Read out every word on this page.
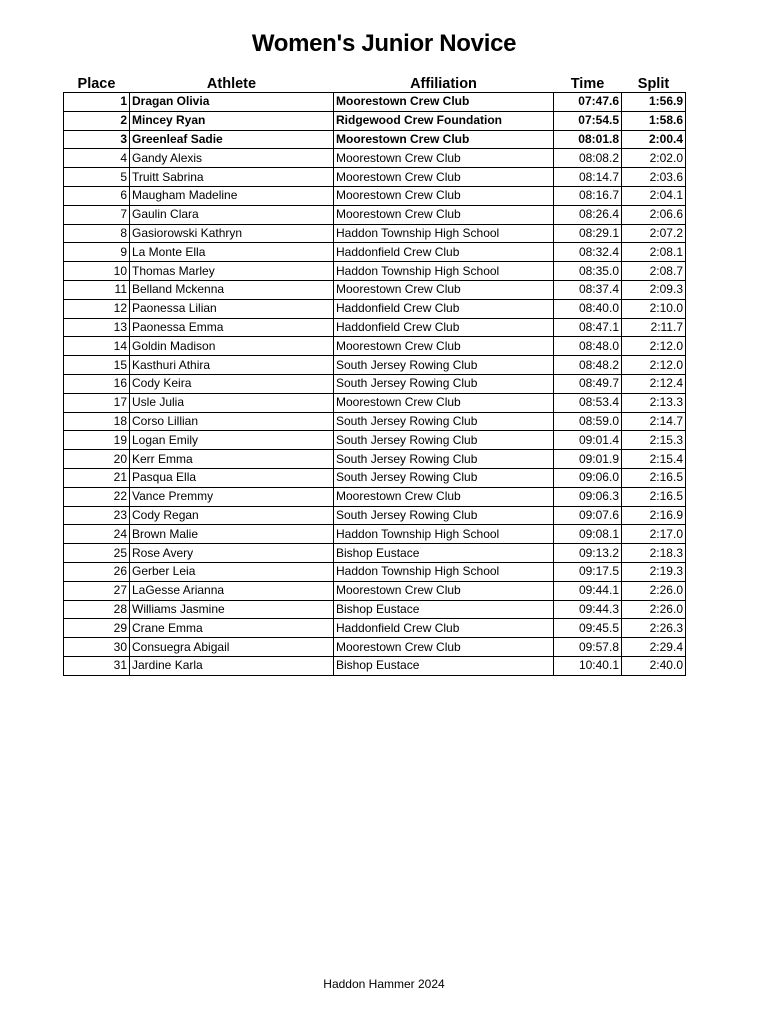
Women's Junior Novice
Place	Athlete	Affiliation	Time	Split
1	Dragan Olivia	Moorestown Crew Club	07:47.6	1:56.9
2	Mincey Ryan	Ridgewood Crew Foundation	07:54.5	1:58.6
3	Greenleaf Sadie	Moorestown Crew Club	08:01.8	2:00.4
4	Gandy Alexis	Moorestown Crew Club	08:08.2	2:02.0
5	Truitt Sabrina	Moorestown Crew Club	08:14.7	2:03.6
6	Maugham Madeline	Moorestown Crew Club	08:16.7	2:04.1
7	Gaulin Clara	Moorestown Crew Club	08:26.4	2:06.6
8	Gasiorowski Kathryn	Haddon Township High School	08:29.1	2:07.2
9	La Monte Ella	Haddonfield Crew Club	08:32.4	2:08.1
10	Thomas Marley	Haddon Township High School	08:35.0	2:08.7
11	Belland Mckenna	Moorestown Crew Club	08:37.4	2:09.3
12	Paonessa Lilian	Haddonfield Crew Club	08:40.0	2:10.0
13	Paonessa Emma	Haddonfield Crew Club	08:47.1	2:11.7
14	Goldin Madison	Moorestown Crew Club	08:48.0	2:12.0
15	Kasthuri Athira	South Jersey Rowing Club	08:48.2	2:12.0
16	Cody Keira	South Jersey Rowing Club	08:49.7	2:12.4
17	Usle Julia	Moorestown Crew Club	08:53.4	2:13.3
18	Corso Lillian	South Jersey Rowing Club	08:59.0	2:14.7
19	Logan Emily	South Jersey Rowing Club	09:01.4	2:15.3
20	Kerr Emma	South Jersey Rowing Club	09:01.9	2:15.4
21	Pasqua Ella	South Jersey Rowing Club	09:06.0	2:16.5
22	Vance Premmy	Moorestown Crew Club	09:06.3	2:16.5
23	Cody Regan	South Jersey Rowing Club	09:07.6	2:16.9
24	Brown Malie	Haddon Township High School	09:08.1	2:17.0
25	Rose Avery	Bishop Eustace	09:13.2	2:18.3
26	Gerber Leia	Haddon Township High School	09:17.5	2:19.3
27	LaGesse Arianna	Moorestown Crew Club	09:44.1	2:26.0
28	Williams Jasmine	Bishop Eustace	09:44.3	2:26.0
29	Crane Emma	Haddonfield Crew Club	09:45.5	2:26.3
30	Consuegra Abigail	Moorestown Crew Club	09:57.8	2:29.4
31	Jardine Karla	Bishop Eustace	10:40.1	2:40.0
Haddon Hammer 2024
